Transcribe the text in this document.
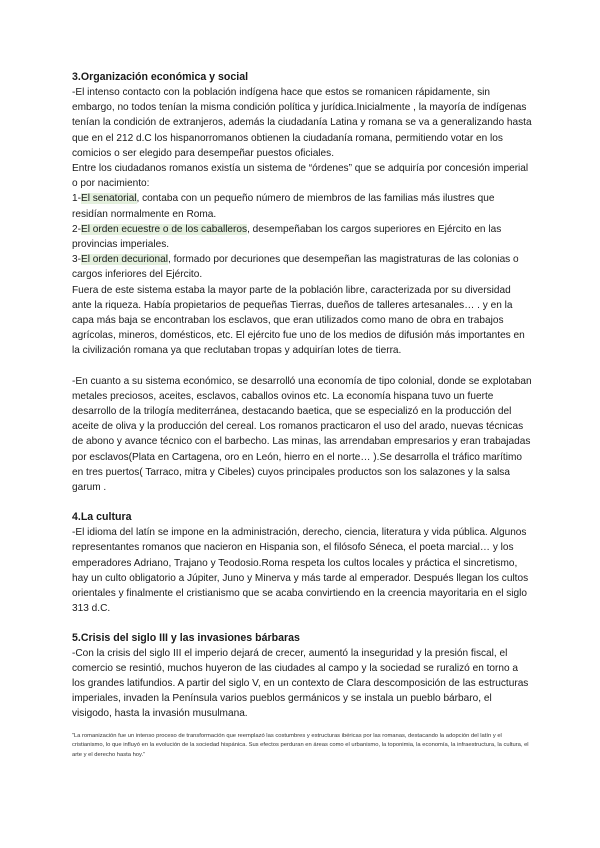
3.Organización económica y social

-El intenso contacto con la población indígena hace que estos se romanicen rápidamente, sin embargo, no todos tenían la misma condición política y jurídica.Inicialmente , la mayoría de indígenas tenían la condición de extranjeros, además la ciudadanía Latina y romana se va a generalizando hasta que en el 212 d.C los hispanorromanos obtienen la ciudadanía romana, permitiendo votar en los comicios o ser elegido para desempeñar puestos oficiales.

Entre los ciudadanos romanos existía un sistema de “órdenes” que se adquiría por concesión imperial o por nacimiento:

1-El senatorial, contaba con un pequeño número de miembros de las familias más ilustres que residían normalmente en Roma.

2-El orden ecuestre o de los caballeros, desempeñaban los cargos superiores en Ejército en las provincias imperiales.

3-El orden decurional, formado por decuriones que desempeñan las magistraturas de las colonias o cargos inferiores del Ejército.

Fuera de este sistema estaba la mayor parte de la población libre, caracterizada por su diversidad ante la riqueza. Había propietarios de pequeñas Tierras, dueños de talleres artesanales… . y en la capa más baja se encontraban los esclavos, que eran utilizados como mano de obra en trabajos agrícolas, mineros, domésticos, etc. El ejército fue uno de los medios de difusión más importantes en la civilización romana ya que reclutaban tropas y adquirían lotes de tierra.

-En cuanto a su sistema económico, se desarrolló una economía de tipo colonial, donde se explotaban metales preciosos, aceites, esclavos, caballos ovinos etc. La economía hispana tuvo un fuerte desarrollo de la trilogía mediterránea, destacando baetica, que se especializó en la producción del aceite de oliva y la producción del cereal. Los romanos practicaron el uso del arado, nuevas técnicas de abono y avance técnico con el barbecho. Las minas, las arrendaban empresarios y eran trabajadas por esclavos(Plata en Cartagena, oro en León, hierro en el norte… ).Se desarrolla el tráfico marítimo en tres puertos( Tarraco, mitra y Cibeles) cuyos principales productos son los salazones y la salsa garum .

4.La cultura

-El idioma del latín se impone en la administración, derecho, ciencia, literatura y vida pública. Algunos representantes romanos que nacieron en Hispania son, el filósofo Séneca, el poeta marcial… y los emperadores Adriano, Trajano y Teodosio.Roma respeta los cultos locales y práctica el sincretismo, hay un culto obligatorio a Júpiter, Juno y Minerva y más tarde al emperador. Después llegan los cultos orientales y finalmente el cristianismo que se acaba convirtiendo en la creencia mayoritaria en el siglo 313 d.C.

5.Crisis del siglo III y las invasiones bárbaras

-Con la crisis del siglo III el imperio dejará de crecer, aumentó la inseguridad y la presión fiscal, el comercio se resintió, muchos huyeron de las ciudades al campo y la sociedad se ruralizó en torno a los grandes latifundios. A partir del siglo V, en un contexto de Clara descomposición de las estructuras imperiales, invaden la Península varios pueblos germánicos y se instala un pueblo bárbaro, el visigodo, hasta la invasión musulmana.

“La romanización fue un intenso proceso de transformación que reemplazó las costumbres y estructuras ibéricas por las romanas, destacando la adopción del latín y el cristianismo, lo que influyó en la evolución de la sociedad hispánica. Sus efectos perduran en áreas como el urbanismo, la toponimia, la economía, la infraestructura, la cultura, el arte y el derecho hasta hoy.”
